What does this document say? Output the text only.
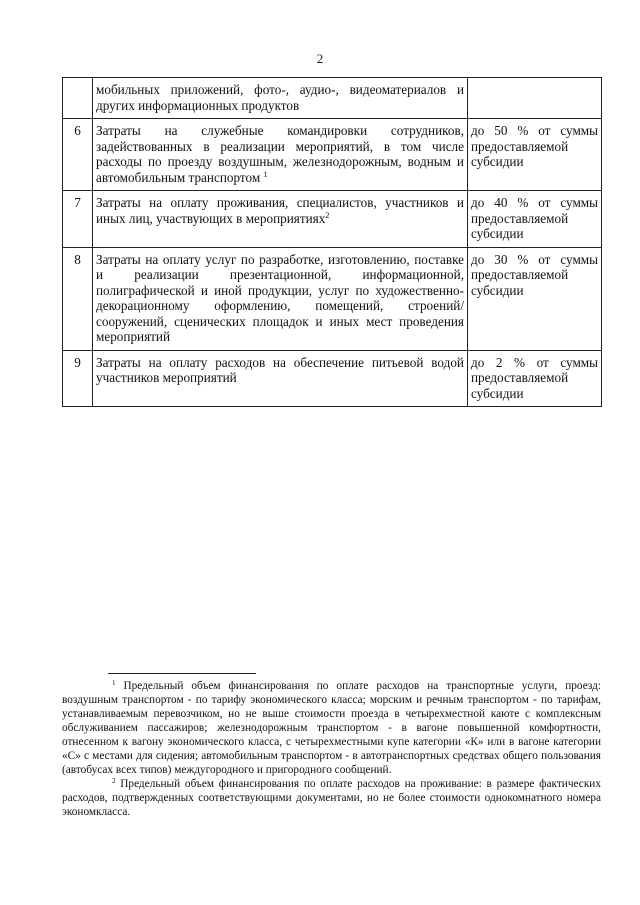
2
	мобильных приложений, фото-, аудио-, видеоматериалов и других информационных продуктов	
6	Затраты на служебные командировки сотрудников, задействованных в реализации мероприятий, в том числе расходы по проезду воздушным, железнодорожным, водным и автомобильным транспортом $^1$	до 50 % от суммы предоставляемой субсидии
7	Затраты на оплату проживания, специалистов, участников и иных лиц, участвующих в мероприятиях$^2$	до 40 % от суммы предоставляемой субсидии
8	Затраты на оплату услуг по разработке, изготовлению, поставке и реализации презентационной, информационной, полиграфической и иной продукции, услуг по художественно-декорационному оформлению, помещений, строений/сооружений, сценических площадок и иных мест проведения мероприятий	до 30 % от суммы предоставляемой субсидии
9	Затраты на оплату расходов на обеспечение питьевой водой участников мероприятий	до 2 % от суммы предоставляемой субсидии

$^1$ Предельный объем финансирования по оплате расходов на транспортные услуги, проезд: воздушным транспортом - по тарифу экономического класса; морским и речным транспортом - по тарифам, устанавливаемым перевозчиком, но не выше стоимости проезда в четырехместной каюте с комплексным обслуживанием пассажиров; железнодорожным транспортом - в вагоне повышенной комфортности, отнесенном к вагону экономического класса, с четырехместными купе категории «К» или в вагоне категории «С» с местами для сидения; автомобильным транспортом - в автотранспортных средствах общего пользования (автобусах всех типов) междугородного и пригородного сообщений.

$^2$ Предельный объем финансирования по оплате расходов на проживание: в размере фактических расходов, подтвержденных соответствующими документами, но не более стоимости однокомнатного номера экономкласса.
